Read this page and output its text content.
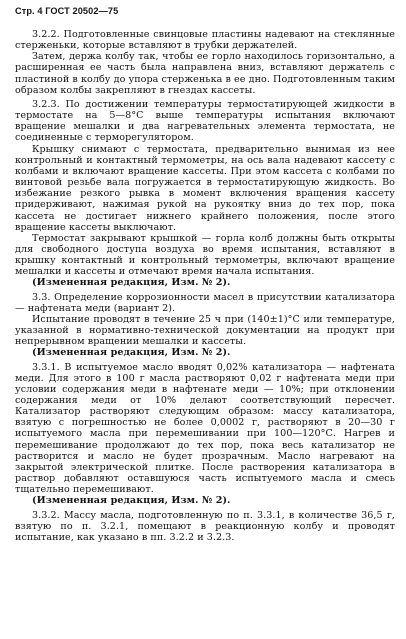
Стр. 4 ГОСТ 20502—75

3.2.2. Подготовленные свинцовые пластины надевают на стеклянные стерженьки, которые вставляют в трубки держателей.

Затем, держа колбу так, чтобы ее горло находилось горизонтально, а расширенная ее часть была направлена вниз, вставляют держатель с пластиной в колбу до упора стерженька в ее дно. Подготовленным таким образом колбы закрепляют в гнездах кассеты.

3.2.3. По достижении температуры термостатирующей жидкости в термостате на 5—8°С выше температуры испытания включают вращение мешалки и два нагревательных элемента термостата, не соединенные с терморегулятором.

Крышку снимают с термостата, предварительно вынимая из нее контрольный и контактный термометры, на ось вала надевают кассету с колбами и включают вращение кассеты. При этом кассета с колбами по винтовой резьбе вала погружается в термостатирующую жидкость. Во избежание резкого рывка в момент включения вращения кассету придерживают, нажимая рукой на рукоятку вниз до тех пор, пока кассета не достигает нижнего крайнего положения, после этого вращение кассеты выключают.

Термостат закрывают крышкой — горла колб должны быть открыты для свободного доступа воздуха во время испытания, вставляют в крышку контактный и контрольный термометры, включают вращение мешалки и кассеты и отмечают время начала испытания.

(Измененная редакция, Изм. № 2).

3.3. Определение коррозионности масел в присутствии катализатора — нафтената меди (вариант 2).

Испытание проводят в течение 25 ч при (140±1)°С или температуре, указанной в нормативно-технической документации на продукт при непрерывном вращении мешалки и кассеты.

(Измененная редакция, Изм. № 2).

3.3.1. В испытуемое масло вводят 0,02% катализатора — нафтената меди. Для этого в 100 г масла растворяют 0,02 г нафтената меди при условии содержания меди в нафтенате меди — 10%; при отклонении содержания меди от 10% делают соответствующий пересчет. Катализатор растворяют следующим образом: массу катализатора, взятую с погрешностью не более 0,0002 г, растворяют в 20—30 г испытуемого масла при перемешивании при 100—120°С. Нагрев и перемешивание продолжают до тех пор, пока весь катализатор не растворится и масло не будет прозрачным. Масло нагревают на закрытой электрической плитке. После растворения катализатора в раствор добавляют оставшуюся часть испытуемого масла и смесь тщательно перемешивают.

(Измененная редакция, Изм. № 2).

3.3.2. Массу масла, подготовленную по п. 3.3.1, в количестве 36,5 г, взятую по п. 3.2.1, помещают в реакционную колбу и проводят испытание, как указано в пп. 3.2.2 и 3.2.3.
